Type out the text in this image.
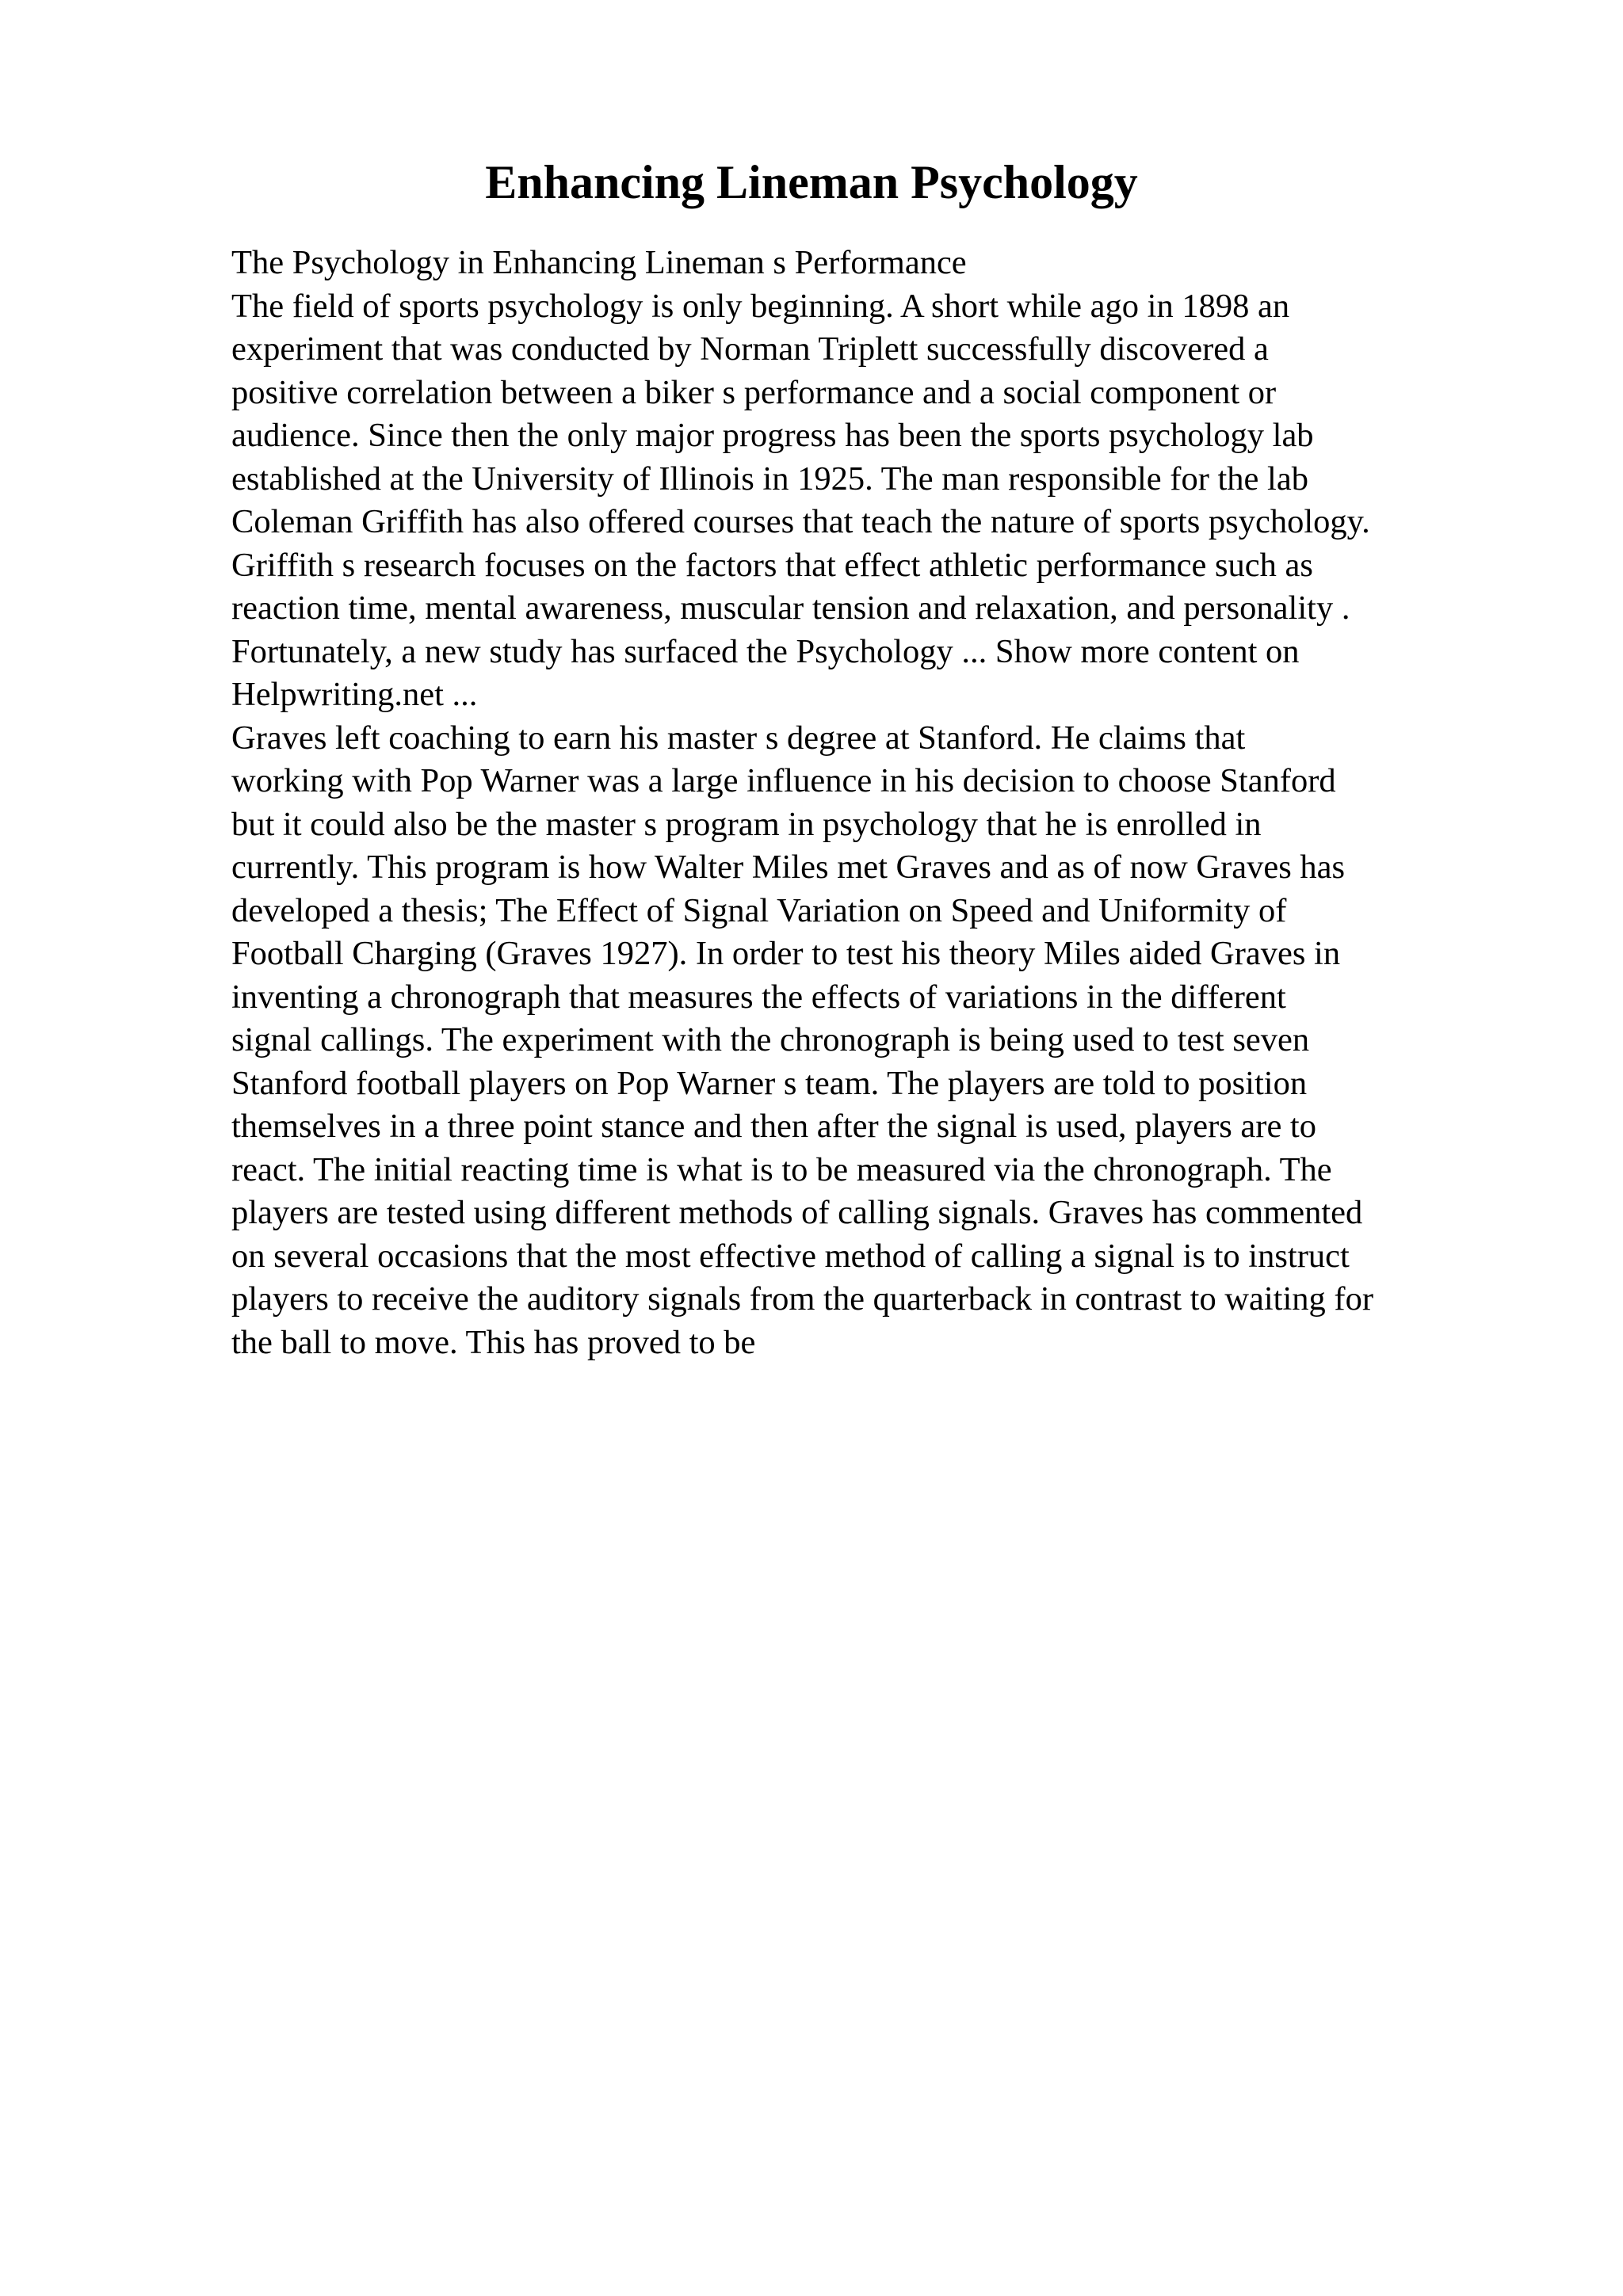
Enhancing Lineman Psychology
The Psychology in Enhancing Lineman s Performance
The field of sports psychology is only beginning. A short while ago in 1898 an
experiment that was conducted by Norman Triplett successfully discovered a
positive correlation between a biker s performance and a social component or
audience. Since then the only major progress has been the sports psychology lab
established at the University of Illinois in 1925. The man responsible for the lab
Coleman Griffith has also offered courses that teach the nature of sports psychology.
Griffith s research focuses on the factors that effect athletic performance such as
reaction time, mental awareness, muscular tension and relaxation, and personality .
Fortunately, a new study has surfaced the Psychology ... Show more content on
Helpwriting.net ...
Graves left coaching to earn his master s degree at Stanford. He claims that
working with Pop Warner was a large influence in his decision to choose Stanford
but it could also be the master s program in psychology that he is enrolled in
currently. This program is how Walter Miles met Graves and as of now Graves has
developed a thesis; The Effect of Signal Variation on Speed and Uniformity of
Football Charging (Graves 1927). In order to test his theory Miles aided Graves in
inventing a chronograph that measures the effects of variations in the different
signal callings. The experiment with the chronograph is being used to test seven
Stanford football players on Pop Warner s team. The players are told to position
themselves in a three point stance and then after the signal is used, players are to
react. The initial reacting time is what is to be measured via the chronograph. The
players are tested using different methods of calling signals. Graves has commented
on several occasions that the most effective method of calling a signal is to instruct
players to receive the auditory signals from the quarterback in contrast to waiting for
the ball to move. This has proved to be
